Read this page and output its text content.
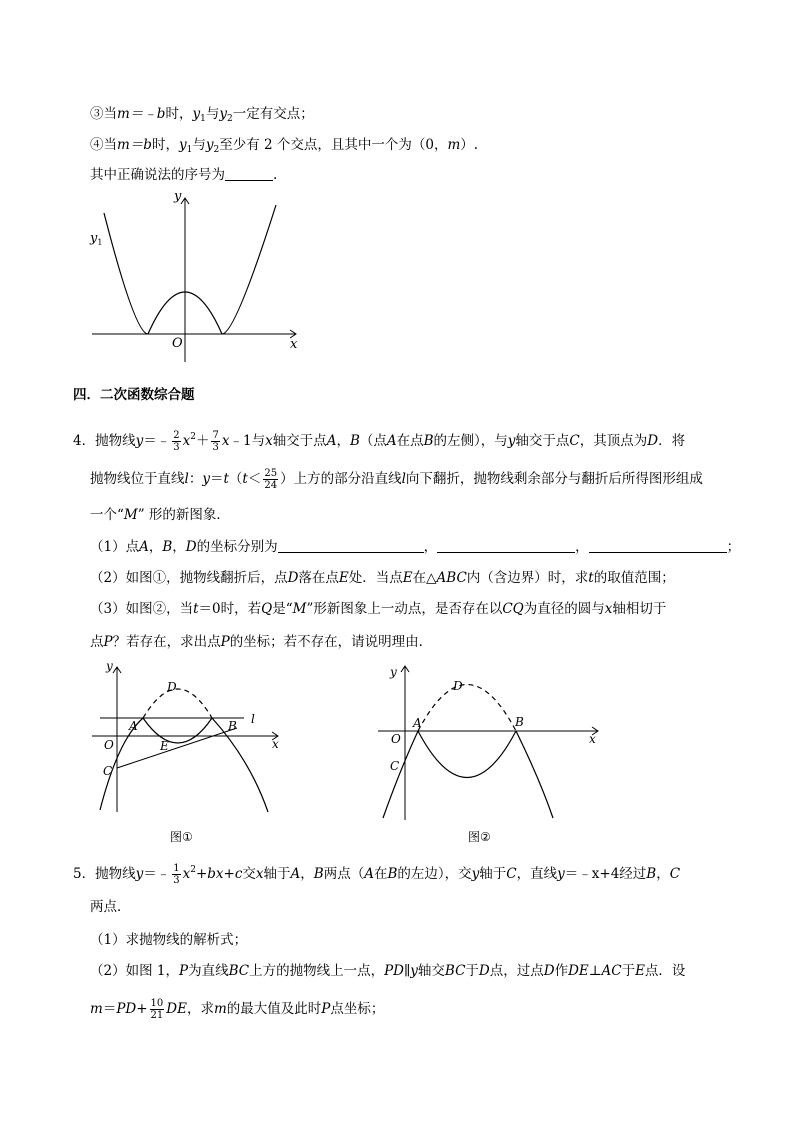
③当m＝﹣b时，$y_1$与$y_2$一定有交点；
④当m＝b时，$y_1$与$y_2$至少有 2 个交点，且其中一个为（0，m）.
其中正确说法的序号为	.
y
x
O
$y_1$
四．二次函数综合题
4．抛物线y＝﹣ $\frac{2}{3} x^2+ \frac{7}{3}$ x﹣1与x轴交于点A，B（点A在点B的左侧），与y轴交于点C，其顶点为D．将
抛物线位于直线l：$y=t(t< \frac{25}{24}$ ）上方的部分沿直线l向下翻折，抛物线剩余部分与翻折后所得图形组成
一个“M” 形的新图象．
（1）点A，B，D的坐标分别为	，	，	；
（2）如图①，抛物线翻折后，点D落在点E处．当点E在△ABC内（含边界）时，求t的取值范围；
（3）如图②，当t＝0时，若Q是“M”形新图象上一动点，是否存在以CQ为直径的圆与x轴相切于
点P？若存在，求出点P的坐标；若不存在，请说明理由．
y
x
O
A	B
C
D
E
l
图①
y
x
O
A	B
C
D
图②
5．抛物线y＝﹣ $\frac{1}{3} x^2+bx+c$交x轴于A，B两点（A在B的左边），交y轴于C，直线y＝﹣x+4经过B，C
两点．
（1）求抛物线的解析式；
（2）如图 1，P为直线BC上方的抛物线上一点，PD∥y轴交BC于D点，过点D作DE⊥AC于E点．设
$m=PD+ \frac{10}{21}$ DE，求m的最大值及此时P点坐标；
